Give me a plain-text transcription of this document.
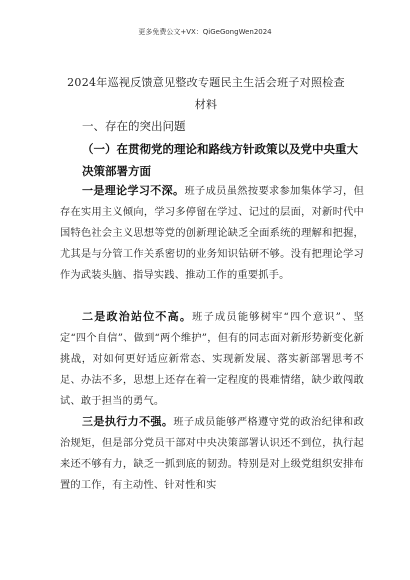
更多免费公文+VX：QiGeGongWen2024
2024年巡视反馈意见整改专题民主生活会班子对照检查材料
一、存在的突出问题
（一）在贯彻党的理论和路线方针政策以及党中央重大决策部署方面
一是理论学习不深。班子成员虽然按要求参加集体学习，但存在实用主义倾向，学习多停留在学过、记过的层面，对新时代中国特色社会主义思想等党的创新理论缺乏全面系统的理解和把握，尤其是与分管工作关系密切的业务知识钻研不够。没有把理论学习作为武装头脑、指导实践、推动工作的重要抓手。
二是政治站位不高。班子成员能够树牢“四个意识”、坚定“四个自信”、做到“两个维护”，但有的同志面对新形势新变化新挑战，对如何更好适应新常态、实现新发展、落实新部署思考不足、办法不多，思想上还存在着一定程度的畏难情绪，缺少敢闯敢试、敢于担当的勇气。
三是执行力不强。班子成员能够严格遵守党的政治纪律和政治规矩，但是部分党员干部对中央决策部署认识还不到位，执行起来还不够有力，缺乏一抓到底的韧劲。特别是对上级党组织安排布置的工作，有主动性、针对性和实
